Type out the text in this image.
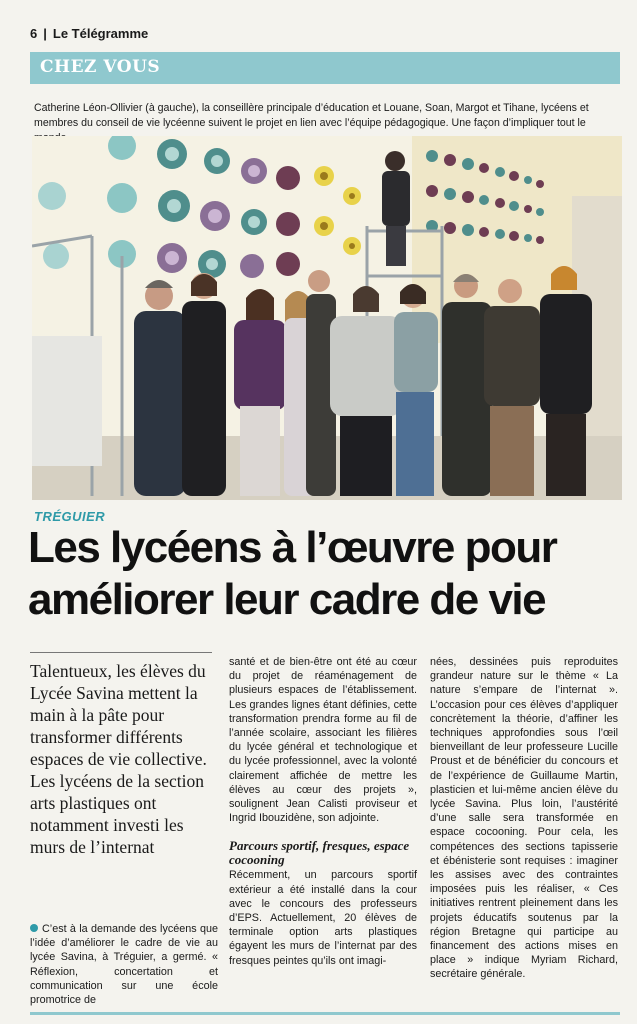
6 | Le Télégramme
CHEZ VOUS
Catherine Léon-Ollivier (à gauche), la conseillère principale d’éducation et Louane, Soan, Margot et Tihane, lycéens et membres du conseil de vie lycéenne suivent le projet en lien avec l’équipe pédagogique. Une façon d’impliquer tout le
TRÉGUIER
Les lycéens à l’œuvre pour
améliorer leur cadre de vie
Talentueux, les élèves du Lycée Savina mettent la main à la pâte pour transformer différents espaces de vie collective. Les lycéens de la section arts plastiques ont notamment investi les murs de l’internat

C’est à la demande des lycéens que l’idée d’améliorer le cadre de vie au lycée Savina, à Tréguier, a germé. « Réflexion, concertation et communication sur une école promotrice de

santé et de bien-être ont été au cœur du projet de réaménagement de plusieurs espaces de l’établissement. Les grandes lignes étant définies, cette transformation prendra forme au fil de l’année scolaire, associant les filières du lycée général et technologique et du lycée professionnel, avec la volonté clairement affichée de mettre les élèves au cœur des projets », soulignent Jean Calisti proviseur et Ingrid Ibouzidène, son adjointe.

Parcours sportif, fresques, espace cocooning

Récemment, un parcours sportif extérieur a été installé dans la cour avec le concours des professeurs d’EPS. Actuellement, 20 élèves de terminale option arts plastiques égayent les murs de l’internat par des fresques peintes qu’ils ont imagi-

nées, dessinées puis reproduites grandeur nature sur le thème « La nature s’empare de l’internat ». L’occasion pour ces élèves d’appliquer concrètement la théorie, d’affiner les techniques approfondies sous l’œil bienveillant de leur professeure Lucille Proust et de bénéficier du concours et de l’expérience de Guillaume Martin, plasticien et lui-même ancien élève du lycée Savina. Plus loin, l’austérité d’une salle sera transformée en espace cocooning. Pour cela, les compétences des sections tapisserie et ébénisterie sont requises : imaginer les assises avec des contraintes imposées puis les réaliser, « Ces initiatives rentrent pleinement dans les projets éducatifs soutenus par la région Bretagne qui participe au financement des actions mises en place » indique Myriam Richard, secrétaire générale.
